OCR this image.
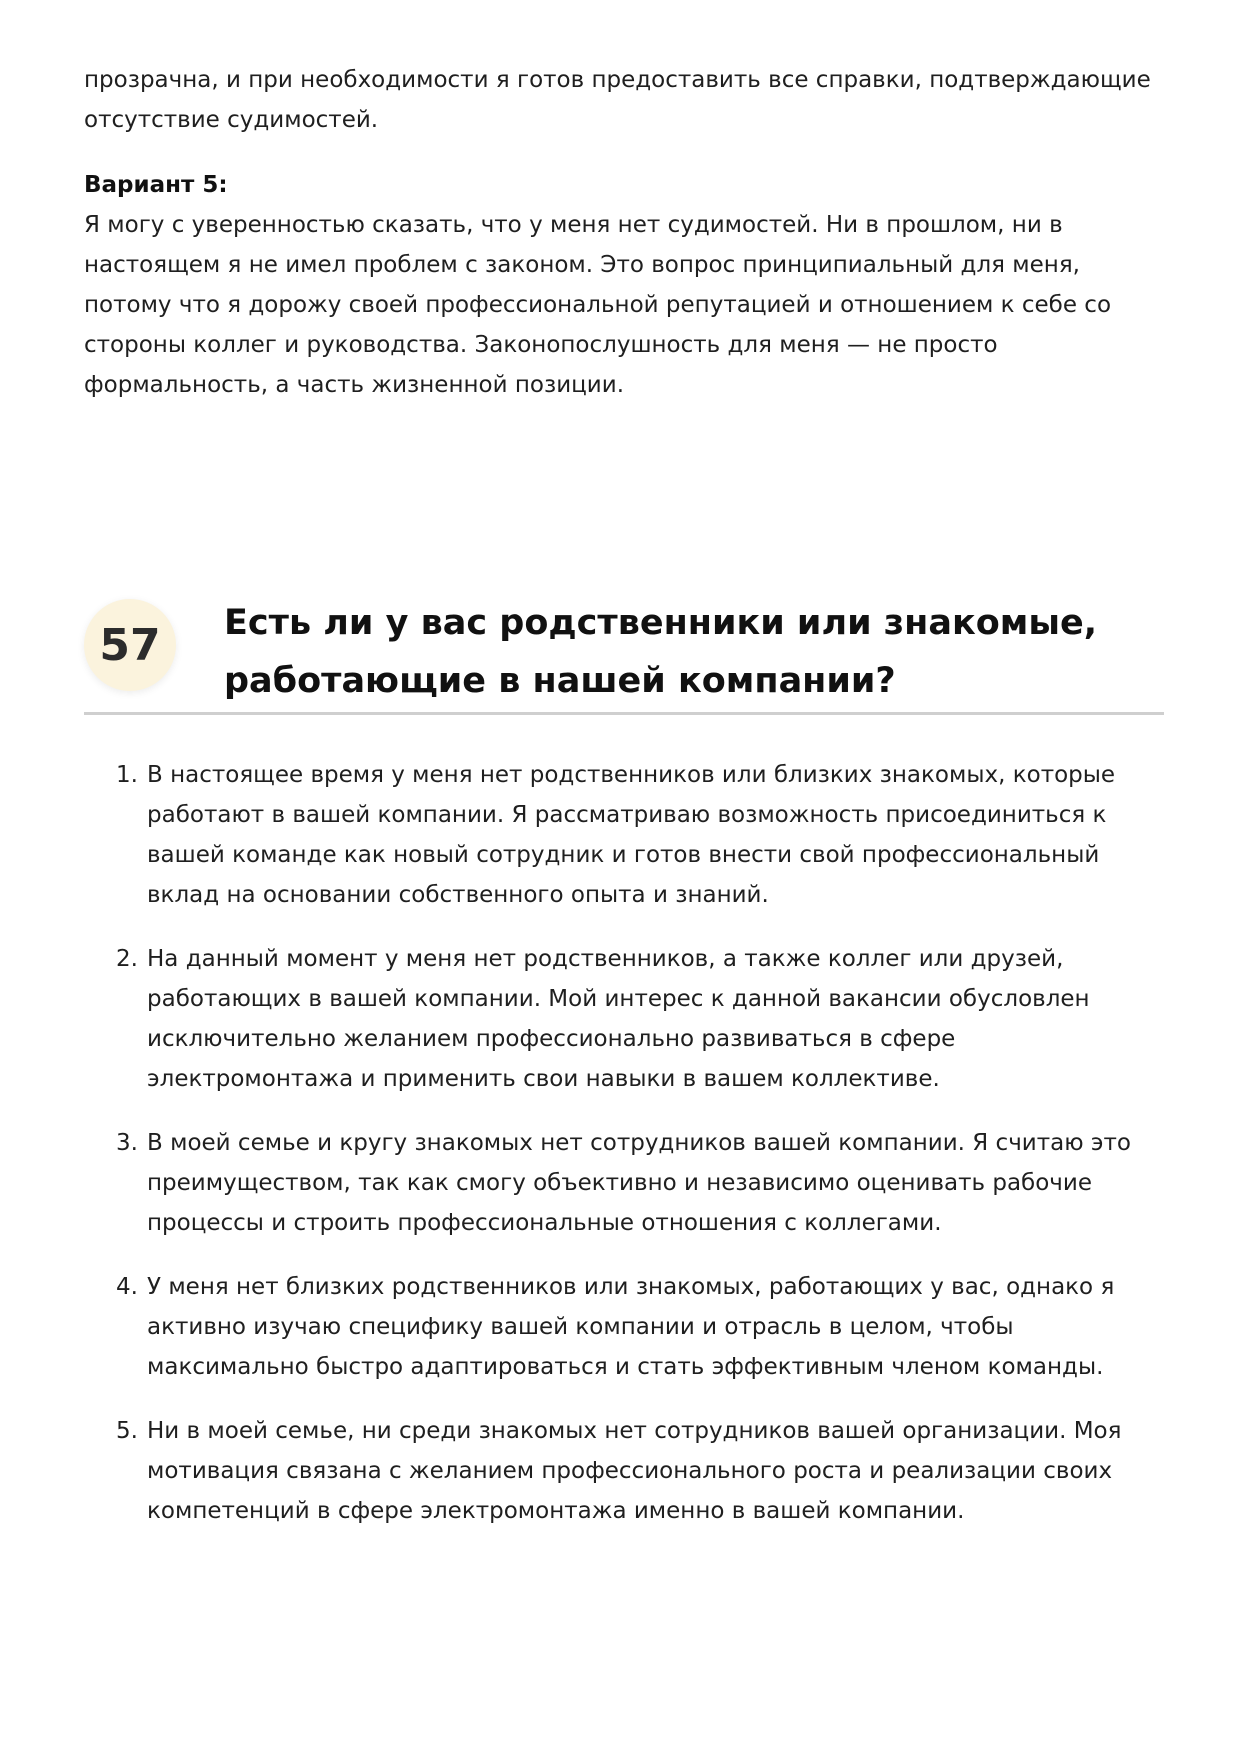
прозрачна, и при необходимости я готов предоставить все справки, подтверждающие отсутствие судимостей.

Вариант 5:

Я могу с уверенностью сказать, что у меня нет судимостей. Ни в прошлом, ни в настоящем я не имел проблем с законом. Это вопрос принципиальный для меня, потому что я дорожу своей профессиональной репутацией и отношением к себе со стороны коллег и руководства. Законопослушность для меня — не просто формальность, а часть жизненной позиции.

57	Есть ли у вас родственники или знакомые, работающие в нашей компании?
1. В настоящее время у меня нет родственников или близких знакомых, которые работают в вашей компании. Я рассматриваю возможность присоединиться к вашей команде как новый сотрудник и готов внести свой профессиональный вклад на основании собственного опыта и знаний.
2. На данный момент у меня нет родственников, а также коллег или друзей, работающих в вашей компании. Мой интерес к данной вакансии обусловлен исключительно желанием профессионально развиваться в сфере электромонтажа и применить свои навыки в вашем коллективе.
3. В моей семье и кругу знакомых нет сотрудников вашей компании. Я считаю это преимуществом, так как смогу объективно и независимо оценивать рабочие процессы и строить профессиональные отношения с коллегами.
4. У меня нет близких родственников или знакомых, работающих у вас, однако я активно изучаю специфику вашей компании и отрасль в целом, чтобы максимально быстро адаптироваться и стать эффективным членом команды.
5. Ни в моей семье, ни среди знакомых нет сотрудников вашей организации. Моя мотивация связана с желанием профессионального роста и реализации своих компетенций в сфере электромонтажа именно в вашей компании.
